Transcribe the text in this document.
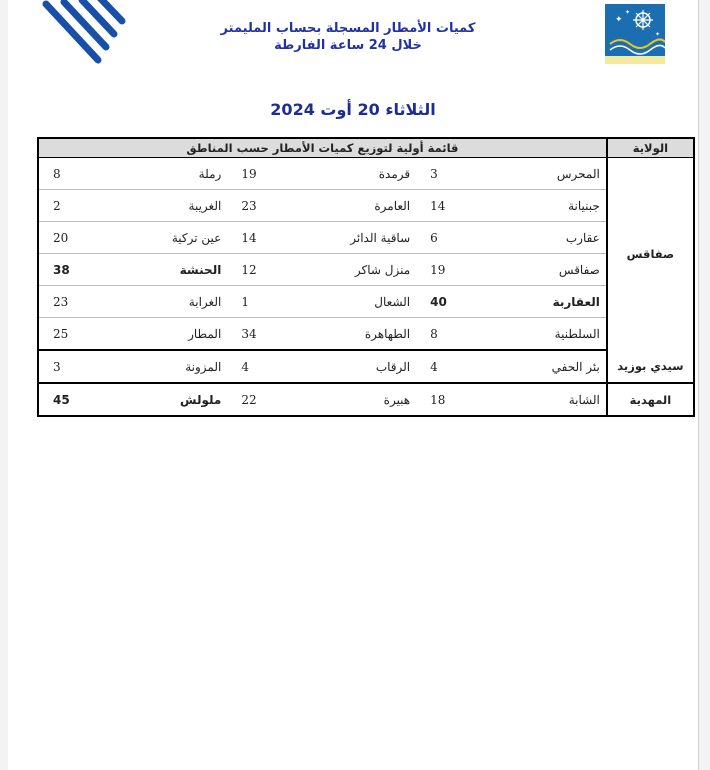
كميات الأمطار المسجلة بحساب المليمتر
خلال 24 ساعة الفارطة
✦
✦
✦
الثلاثاء 20 أوت 2024
الولاية	قائمة أولية لتوزيع كميات الأمطار حسب المناطق					
صفاقس	المحرس	3	قرمدة	19	رملة	8
	جبنيانة	14	العامرة	23	الغريبة	2
	عقارب	6	ساقية الدائر	14	عين تركية	20
	صفاقس	19	منزل شاكر	12	الحنشة	38
	العقاربة	40	الشعال	1	الغرابة	23
	السلطنية	8	الطهاهرة	34	المطار	25
سيدي بوزيد	بئر الحفي	4	الرقاب	4	المزونة	3
المهدية	الشابة	18	هبيرة	22	ملولش	45
